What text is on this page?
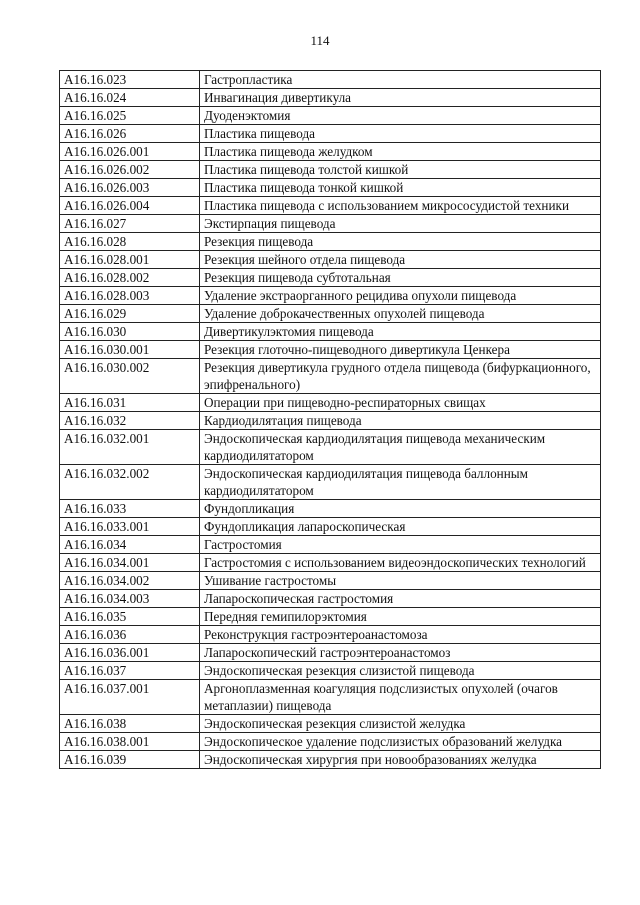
114
A16.16.023	Гастропластика
A16.16.024	Инвагинация дивертикула
A16.16.025	Дуоденэктомия
A16.16.026	Пластика пищевода
A16.16.026.001	Пластика пищевода желудком
A16.16.026.002	Пластика пищевода толстой кишкой
A16.16.026.003	Пластика пищевода тонкой кишкой
A16.16.026.004	Пластика пищевода с использованием микрососудистой техники
A16.16.027	Экстирпация пищевода
A16.16.028	Резекция пищевода
A16.16.028.001	Резекция шейного отдела пищевода
A16.16.028.002	Резекция пищевода субтотальная
A16.16.028.003	Удаление экстраорганного рецидива опухоли пищевода
A16.16.029	Удаление доброкачественных опухолей пищевода
A16.16.030	Дивертикулэктомия пищевода
A16.16.030.001	Резекция глоточно-пищеводного дивертикула Ценкера
A16.16.030.002	Резекция дивертикула грудного отдела пищевода (бифуркационного, эпифренального)
A16.16.031	Операции при пищеводно-респираторных свищах
A16.16.032	Кардиодилятация пищевода
A16.16.032.001	Эндоскопическая кардиодилятация пищевода механическим кардиодилятатором
A16.16.032.002	Эндоскопическая кардиодилятация пищевода баллонным кардиодилятатором
A16.16.033	Фундопликация
A16.16.033.001	Фундопликация лапароскопическая
A16.16.034	Гастростомия
A16.16.034.001	Гастростомия с использованием видеоэндоскопических технологий
A16.16.034.002	Ушивание гастростомы
A16.16.034.003	Лапароскопическая гастростомия
A16.16.035	Передняя гемипилорэктомия
A16.16.036	Реконструкция гастроэнтероанастомоза
A16.16.036.001	Лапароскопический гастроэнтероанастомоз
A16.16.037	Эндоскопическая резекция слизистой пищевода
A16.16.037.001	Аргоноплазменная коагуляция подслизистых опухолей (очагов метаплазии) пищевода
A16.16.038	Эндоскопическая резекция слизистой желудка
A16.16.038.001	Эндоскопическое удаление подслизистых образований желудка
A16.16.039	Эндоскопическая хирургия при новообразованиях желудка
